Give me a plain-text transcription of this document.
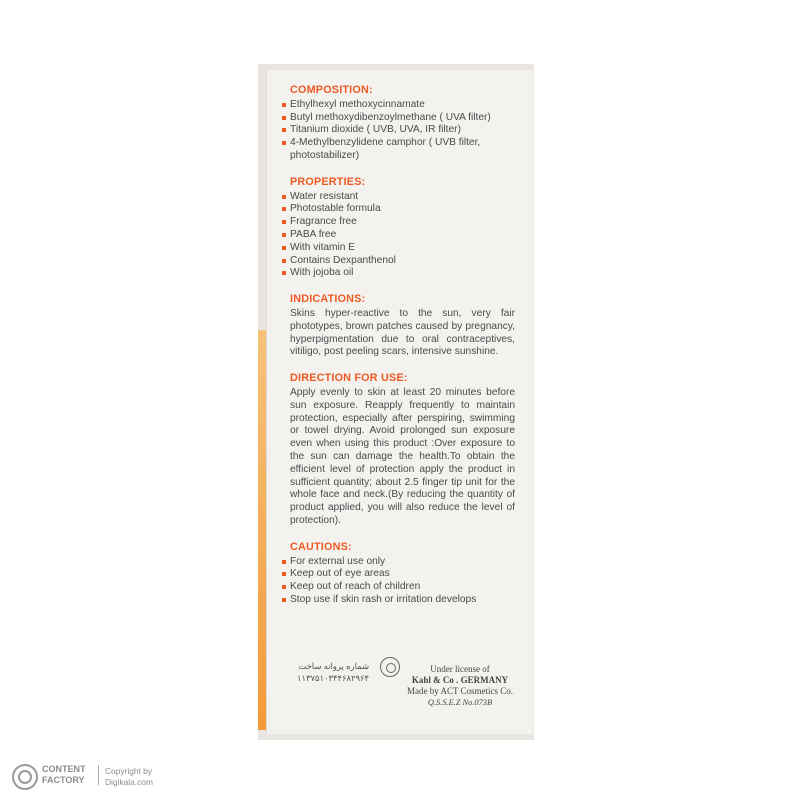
COMPOSITION:
Ethylhexyl methoxycinnamate
Butyl methoxydibenzoylmethane ( UVA filter)
Titanium dioxide ( UVB, UVA, IR filter)
4-Methylbenzylidene camphor ( UVB filter, photostabilizer)
PROPERTIES:
Water resistant
Photostable formula
Fragrance free
PABA free
With vitamin E
Contains Dexpanthenol
With jojoba oil
INDICATIONS:
Skins hyper-reactive to the sun, very fair phototypes, brown patches caused by pregnancy, hyperpigmentation due to oral contraceptives, vitiligo, post peeling scars, intensive sunshine.
DIRECTION FOR USE:
Apply evenly to skin at least 20 minutes before sun exposure. Reapply frequently to maintain protection, especially after perspiring, swimming or towel drying. Avoid prolonged sun exposure even when using this product :Over exposure to the sun can damage the health.To obtain the efficient level of protection apply the product in sufficient quantity; about 2.5 finger tip unit for the whole face and neck.(By reducing the quantity of product applied, you will also reduce the level of protection).
CAUTIONS:
For external use only
Keep out of eye areas
Keep out of reach of children
Stop use if skin rash or irritation develops
شماره پروانه ساخت
۱۱۳۷۵۱۰۳۴۴۶۸۲۹۶۴
Under license of
Kahl & Co . GERMANY
Made by ACT Cosmetics Co.
Q.S.S.E.Z No.073B
CONTENT
FACTORY
Copyright by
Digikala.com
